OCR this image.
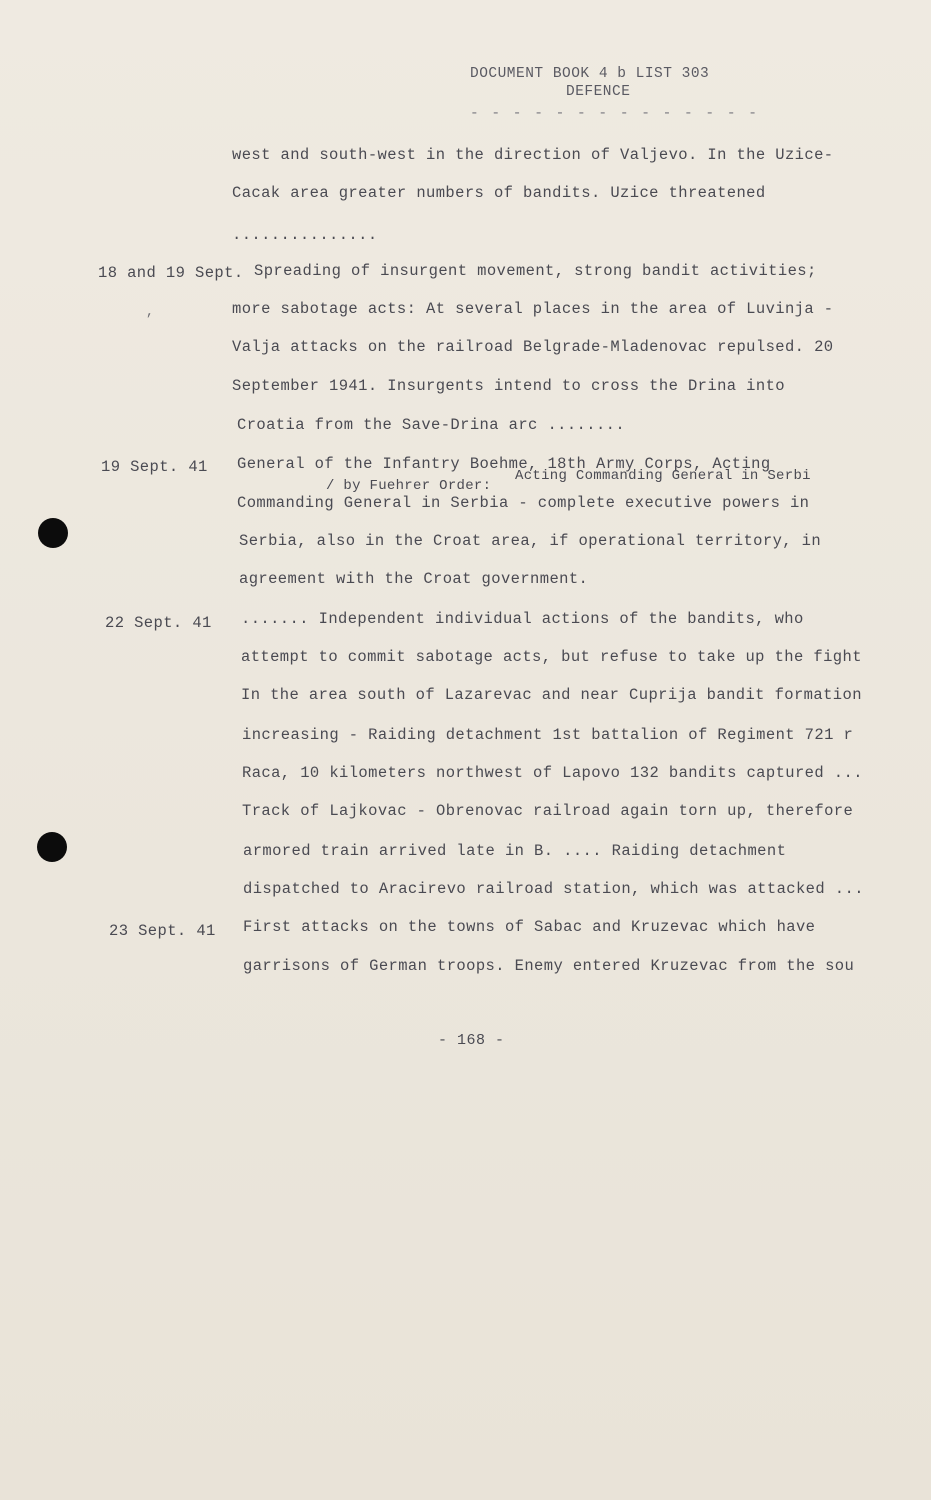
DOCUMENT BOOK 4 b LIST 303
DEFENCE
- - - - - - - - - - - - - -
west and south-west in the direction of Valjevo. In the Uzice-
Cacak area greater numbers of bandits. Uzice threatened
...............
18 and 19 Sept. Spreading of insurgent movement, strong bandit activities;
,	more sabotage acts: At several places in the area of Luvinja -
Valja attacks on the railroad Belgrade-Mladenovac repulsed. 20
September 1941. Insurgents intend to cross the Drina into
Croatia from the Save-Drina arc ........
19 Sept. 41 General of the Infantry Boehme, 18th Army Corps, Acting
Acting Commanding General in Serbi
/ by Fuehrer Order:
Commanding General in Serbia - complete executive powers in
Serbia, also in the Croat area, if operational territory, in
agreement with the Croat government.
22 Sept. 41 ....... Independent individual actions of the bandits, who
attempt to commit sabotage acts, but refuse to take up the fight
In the area south of Lazarevac and near Cuprija bandit formation
increasing - Raiding detachment 1st battalion of Regiment 721 r
Raca, 10 kilometers northwest of Lapovo 132 bandits captured ...
Track of Lajkovac - Obrenovac railroad again torn up, therefore
armored train arrived late in B. .... Raiding detachment
dispatched to Aracirevo railroad station, which was attacked ...
23 Sept. 41 First attacks on the towns of Sabac and Kruzevac which have
garrisons of German troops. Enemy entered Kruzevac from the sou
- 168 -
